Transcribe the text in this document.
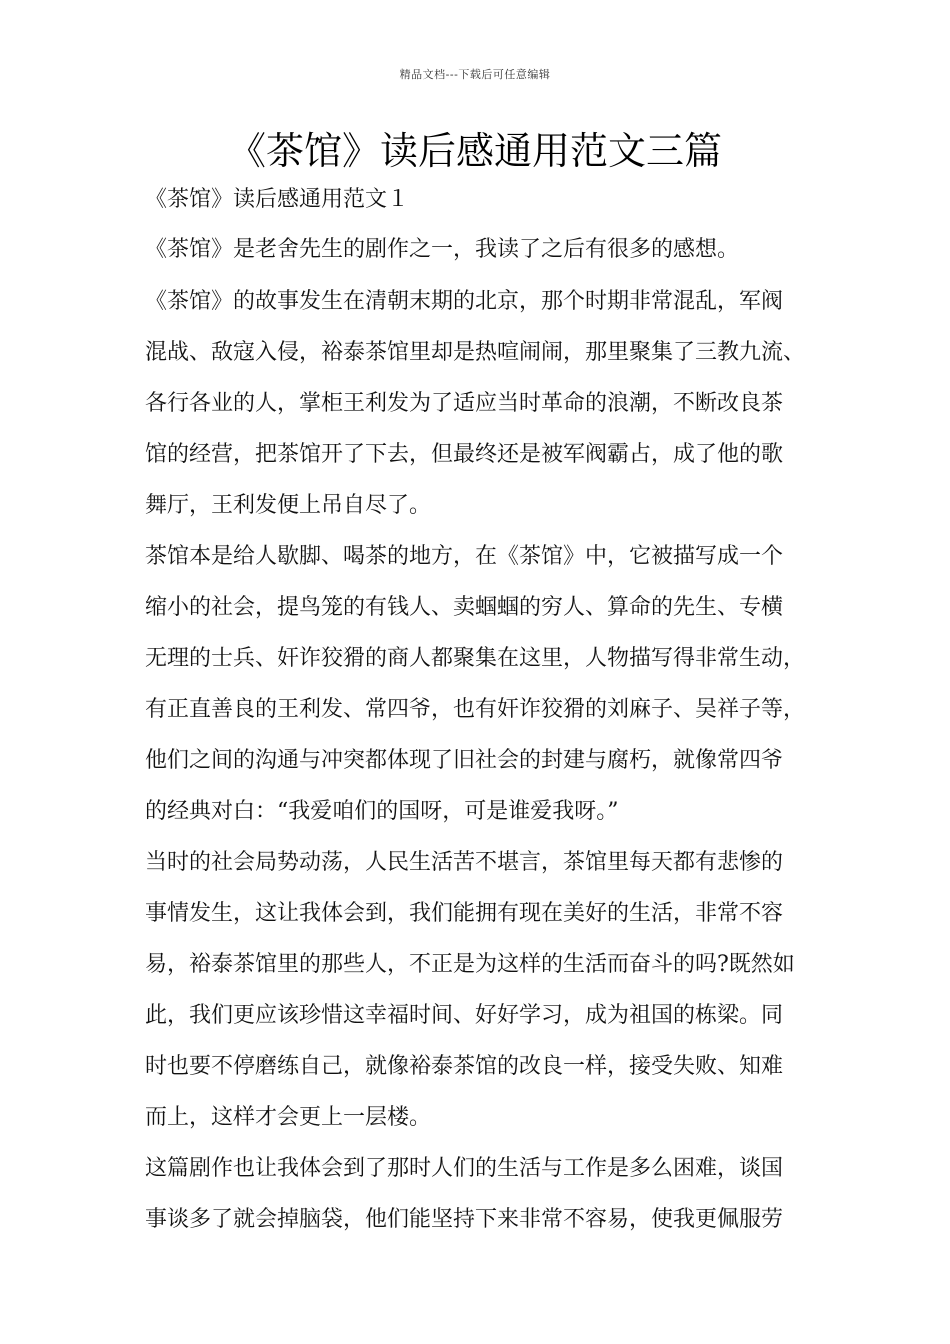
精品文档---下载后可任意编辑
《茶馆》读后感通用范文三篇
《茶馆》读后感通用范文１
《茶馆》是老舍先生的剧作之一，我读了之后有很多的感想。
《茶馆》的故事发生在清朝末期的北京，那个时期非常混乱，军阀
混战、敌寇入侵，裕泰茶馆里却是热喧闹闹，那里聚集了三教九流、
各行各业的人，掌柜王利发为了适应当时革命的浪潮，不断改良茶
馆的经营，把茶馆开了下去，但最终还是被军阀霸占，成了他的歌
舞厅，王利发便上吊自尽了。
茶馆本是给人歇脚、喝茶的地方，在《茶馆》中，它被描写成一个
缩小的社会，提鸟笼的有钱人、卖蝈蝈的穷人、算命的先生、专横
无理的士兵、奸诈狡猾的商人都聚集在这里，人物描写得非常生动，
有正直善良的王利发、常四爷，也有奸诈狡猾的刘麻子、吴祥子等，
他们之间的沟通与冲突都体现了旧社会的封建与腐朽，就像常四爷
的经典对白：“我爱咱们的国呀，可是谁爱我呀。”
当时的社会局势动荡，人民生活苦不堪言，茶馆里每天都有悲惨的
事情发生，这让我体会到，我们能拥有现在美好的生活，非常不容
易，裕泰茶馆里的那些人，不正是为这样的生活而奋斗的吗?既然如
此，我们更应该珍惜这幸福时间、好好学习，成为祖国的栋梁。同
时也要不停磨练自己，就像裕泰茶馆的改良一样，接受失败、知难
而上，这样才会更上一层楼。
这篇剧作也让我体会到了那时人们的生活与工作是多么困难，谈国
事谈多了就会掉脑袋，他们能坚持下来非常不容易，使我更佩服劳
